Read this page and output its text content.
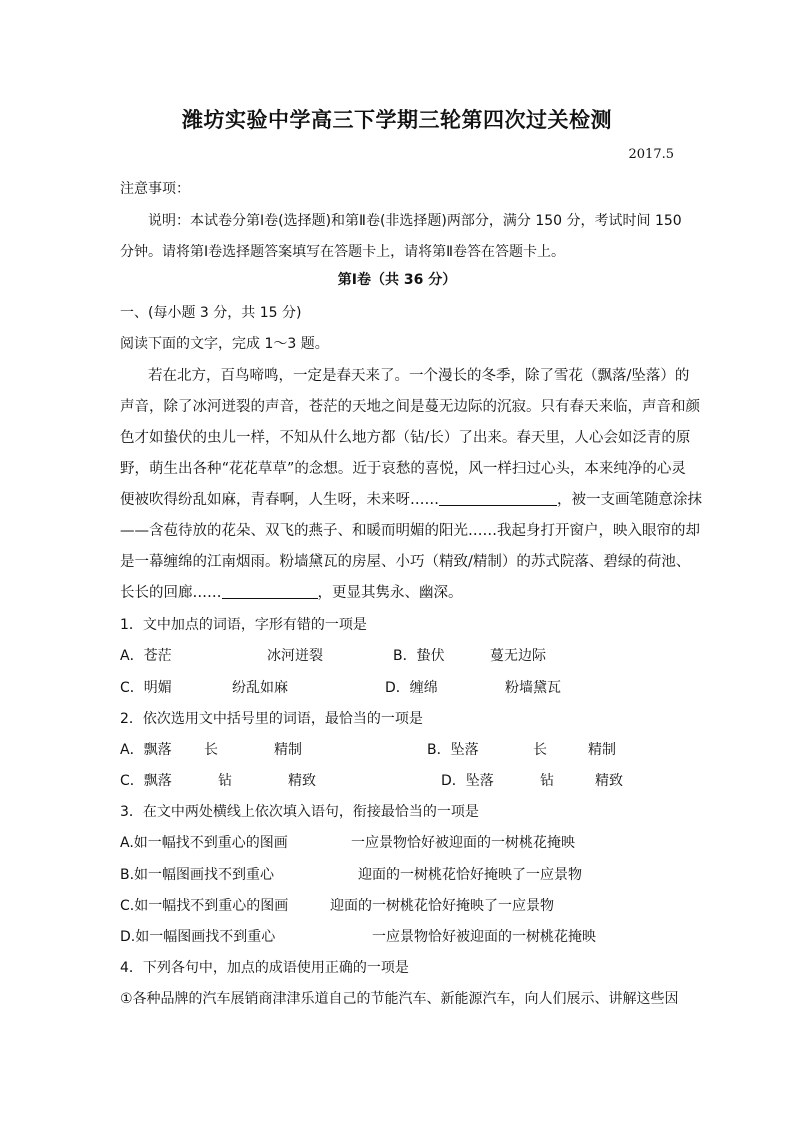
潍坊实验中学高三下学期三轮第四次过关检测
2017.5
注意事项：
说明：本试卷分第Ⅰ卷(选择题)和第Ⅱ卷(非选择题)两部分，满分 150 分，考试时间 150
分钟。请将第Ⅰ卷选择题答案填写在答题卡上，请将第Ⅱ卷答在答题卡上。
第Ⅰ卷（共 36 分）
一、(每小题 3 分，共 15 分)
阅读下面的文字，完成 1～3 题。
若在北方，百鸟啼鸣，一定是春天来了。一个漫长的冬季，除了雪花（飘落/坠落）的
声音，除了冰河迸裂的声音，苍茫的天地之间是蔓无边际的沉寂。只有春天来临，声音和颜
色才如蛰伏的虫儿一样，不知从什么地方都（钻/长）了出来。春天里，人心会如泛青的原
野，萌生出各种“花花草草”的念想。近于哀愁的喜悦，风一样扫过心头，本来纯净的心灵
便被吹得纷乱如麻，青春啊，人生呀，未来呀……	，被一支画笔随意涂抹
——含苞待放的花朵、双飞的燕子、和暖而明媚的阳光……我起身打开窗户，映入眼帘的却
是一幕缠绵的江南烟雨。粉墙黛瓦的房屋、小巧（精致/精制）的苏式院落、碧绿的荷池、
长长的回廊……	，更显其隽永、幽深。
1．文中加点的词语，字形有错的一项是
A．苍茫	冰河迸裂	B．蛰伏	蔓无边际
C．明媚	纷乱如麻	D．缠绵	粉墙黛瓦
2．依次选用文中括号里的词语，最恰当的一项是
A．飘落 长	精制	B．坠落	长	精制
C．飘落	钻	精致	D．坠落	钻	精致
3．在文中两处横线上依次填入语句，衔接最恰当的一项是
A.如一幅找不到重心的图画	一应景物恰好被迎面的一树桃花掩映
B.如一幅图画找不到重心	迎面的一树桃花恰好掩映了一应景物
C.如一幅找不到重心的图画	迎面的一树桃花恰好掩映了一应景物
D.如一幅图画找不到重心	一应景物恰好被迎面的一树桃花掩映
4．下列各句中，加点的成语使用正确的一项是
①各种品牌的汽车展销商津津乐道自己的节能汽车、新能源汽车，向人们展示、讲解这些因
